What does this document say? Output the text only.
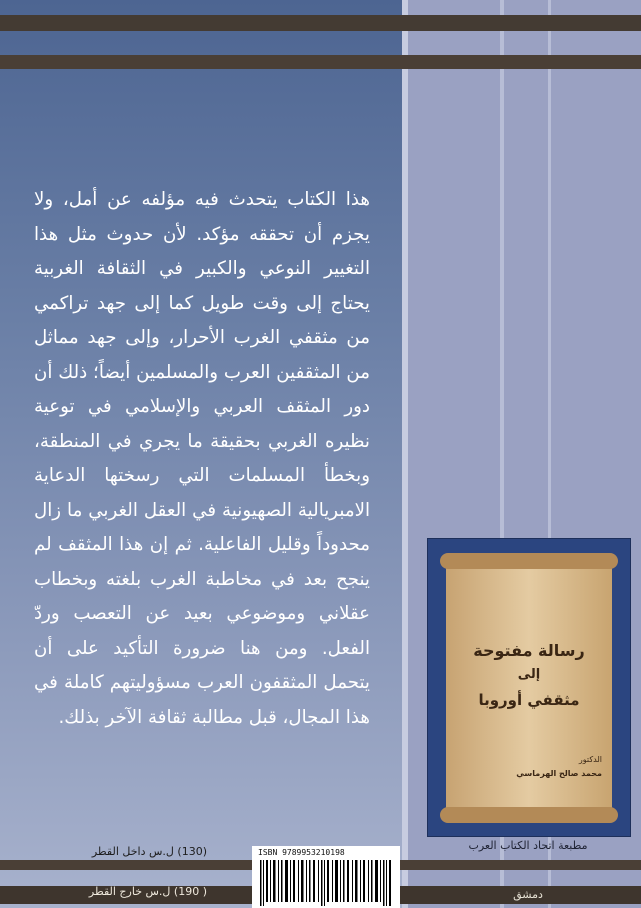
هذا الكتاب يتحدث فيه مؤلفه عن أمل، ولا يجزم أن تحققه مؤكد. لأن حدوث مثل هذا التغيير النوعي والكبير في الثقافة الغربية يحتاج إلى وقت طويل كما إلى جهد تراكمي من مثقفي الغرب الأحرار، وإلى جهد مماثل من المثقفين العرب والمسلمين أيضاً؛ ذلك أن دور المثقف العربي والإسلامي في توعية نظيره الغربي بحقيقة ما يجري في المنطقة، وبخطأ المسلمات التي رسختها الدعاية الامبريالية الصهيونية في العقل الغربي ما زال محدوداً وقليل الفاعلية. ثم إن هذا المثقف لم ينجح بعد في مخاطبة الغرب بلغته وبخطاب عقلاني وموضوعي بعيد عن التعصب وردّ الفعل. ومن هنا ضرورة التأكيد على أن يتحمل المثقفون العرب مسؤوليتهم كاملة في هذا المجال، قبل مطالبة ثقافة الآخر بذلك.

رسالة مفتوحة
إلى
مثقفي أوروبا
الدكتور
محمد صالح الهرماسي
مطبعة اتحاد الكتاب العرب
دمشق
(130) ل.س داخل القطر
( 190) ل.س خارج القطر
ISBN 9789953210198
